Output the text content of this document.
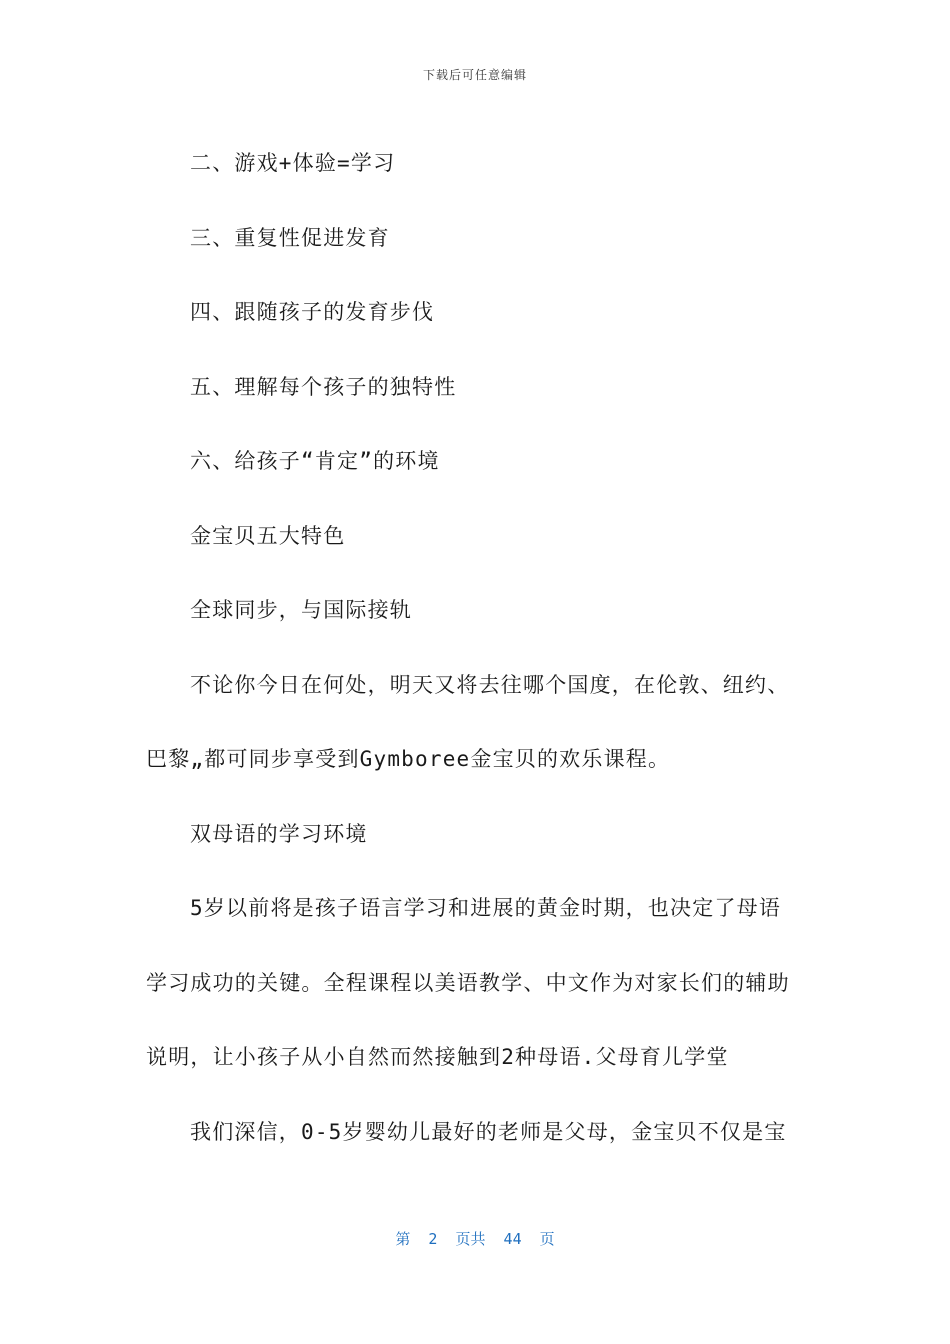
下载后可任意编辑

二、游戏+体验=学习

三、重复性促进发育

四、跟随孩子的发育步伐

五、理解每个孩子的独特性

六、给孩子“肯定”的环境

金宝贝五大特色

全球同步，与国际接轨

不论你今日在何处，明天又将去往哪个国度，在伦敦、纽约、

巴黎„都可同步享受到Gymboree金宝贝的欢乐课程。

双母语的学习环境

5岁以前将是孩子语言学习和进展的黄金时期，也决定了母语

学习成功的关键。全程课程以美语教学、中文作为对家长们的辅助

说明，让小孩子从小自然而然接触到2种母语.父母育儿学堂

我们深信，0-5岁婴幼儿最好的老师是父母，金宝贝不仅是宝

第  2  页共  44  页
